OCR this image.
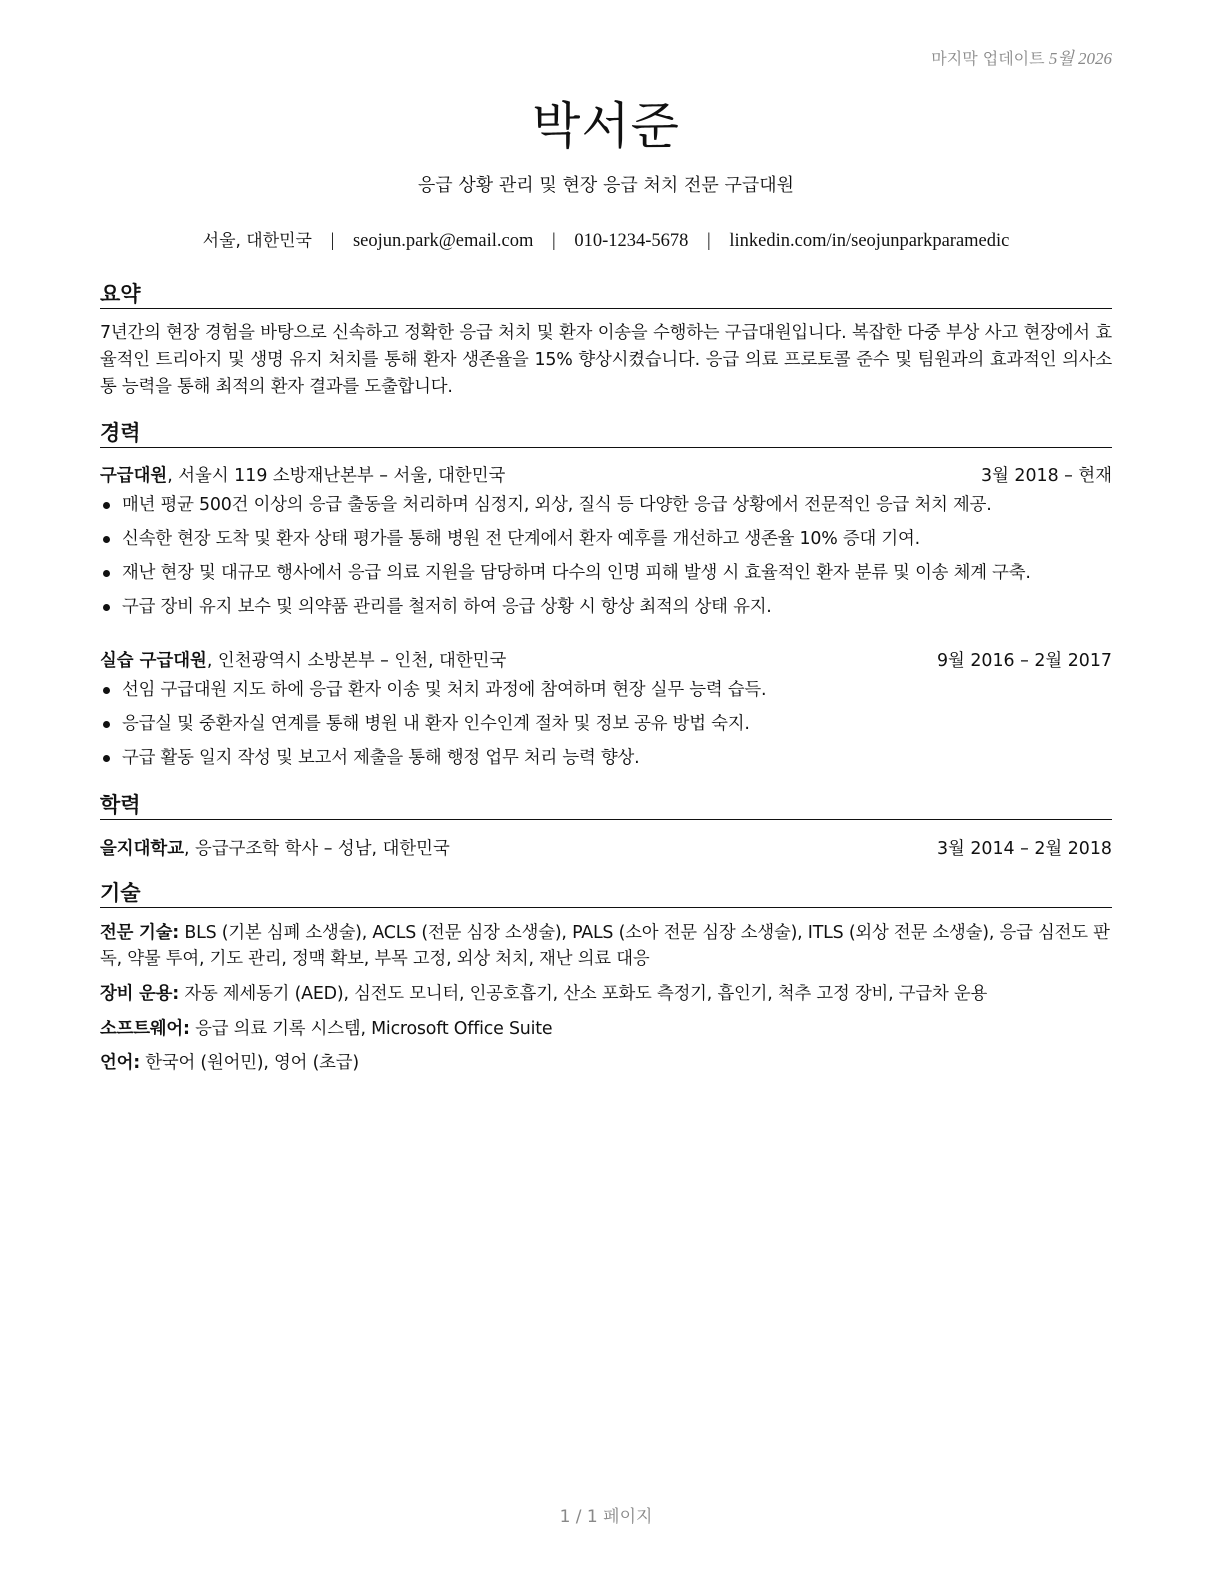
마지막 업데이트 5월 2026
박서준
응급 상황 관리 및 현장 응급 처치 전문 구급대원
서울, 대한민국 | seojun.park@email.com | 010-1234-5678 | linkedin.com/in/seojunparkparamedic
요약
7년간의 현장 경험을 바탕으로 신속하고 정확한 응급 처치 및 환자 이송을 수행하는 구급대원입니다. 복잡한 다중 부상 사고 현장에서 효율적인 트리아지 및 생명 유지 처치를 통해 환자 생존율을 15% 향상시켰습니다. 응급 의료 프로토콜 준수 및 팀원과의 효과적인 의사소통 능력을 통해 최적의 환자 결과를 도출합니다.
경력
구급대원, 서울시 119 소방재난본부 – 서울, 대한민국	3월 2018 – 현재
매년 평균 500건 이상의 응급 출동을 처리하며 심정지, 외상, 질식 등 다양한 응급 상황에서 전문적인 응급 처치 제공.
신속한 현장 도착 및 환자 상태 평가를 통해 병원 전 단계에서 환자 예후를 개선하고 생존율 10% 증대 기여.
재난 현장 및 대규모 행사에서 응급 의료 지원을 담당하며 다수의 인명 피해 발생 시 효율적인 환자 분류 및 이송 체계 구축.
구급 장비 유지 보수 및 의약품 관리를 철저히 하여 응급 상황 시 항상 최적의 상태 유지.
실습 구급대원, 인천광역시 소방본부 – 인천, 대한민국	9월 2016 – 2월 2017
선임 구급대원 지도 하에 응급 환자 이송 및 처치 과정에 참여하며 현장 실무 능력 습득.
응급실 및 중환자실 연계를 통해 병원 내 환자 인수인계 절차 및 정보 공유 방법 숙지.
구급 활동 일지 작성 및 보고서 제출을 통해 행정 업무 처리 능력 향상.
학력
을지대학교, 응급구조학 학사 – 성남, 대한민국	3월 2014 – 2월 2018
기술
전문 기술: BLS (기본 심폐 소생술), ACLS (전문 심장 소생술), PALS (소아 전문 심장 소생술), ITLS (외상 전문 소생술), 응급 심전도 판독, 약물 투여, 기도 관리, 정맥 확보, 부목 고정, 외상 처치, 재난 의료 대응
장비 운용: 자동 제세동기 (AED), 심전도 모니터, 인공호흡기, 산소 포화도 측정기, 흡인기, 척추 고정 장비, 구급차 운용
소프트웨어: 응급 의료 기록 시스템, Microsoft Office Suite
언어: 한국어 (원어민), 영어 (초급)
1 / 1 페이지
